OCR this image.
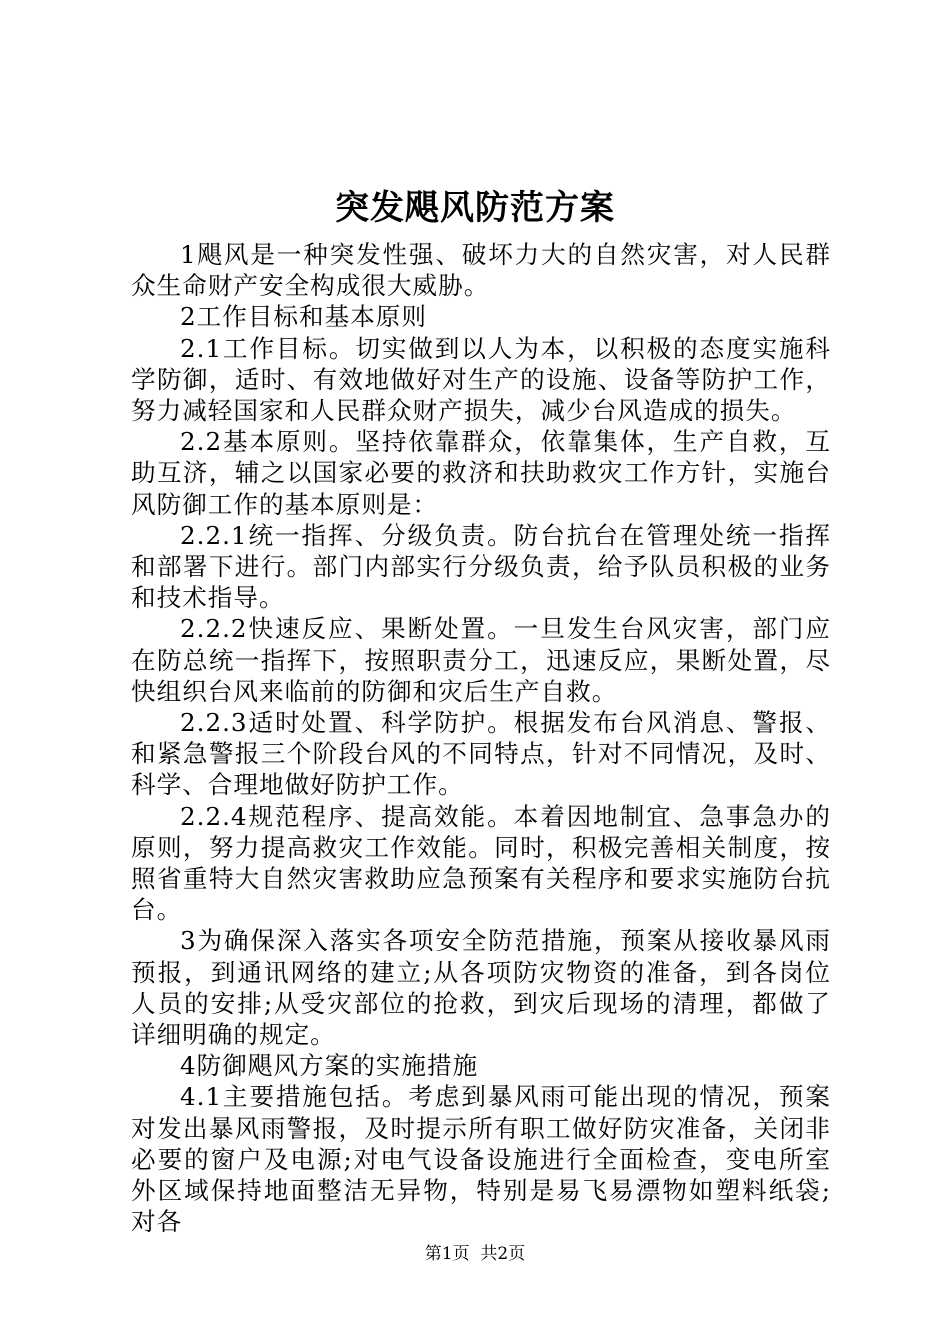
突发飓风防范方案

1飓风是一种突发性强、破坏力大的自然灾害，对人民群众生命财产安全构成很大威胁。

2工作目标和基本原则

2.1工作目标。切实做到以人为本，以积极的态度实施科学防御，适时、有效地做好对生产的设施、设备等防护工作，努力减轻国家和人民群众财产损失，减少台风造成的损失。

2.2基本原则。坚持依靠群众，依靠集体，生产自救，互助互济，辅之以国家必要的救济和扶助救灾工作方针，实施台风防御工作的基本原则是：

2.2.1统一指挥、分级负责。防台抗台在管理处统一指挥和部署下进行。部门内部实行分级负责，给予队员积极的业务和技术指导。

2.2.2快速反应、果断处置。一旦发生台风灾害，部门应在防总统一指挥下，按照职责分工，迅速反应，果断处置，尽快组织台风来临前的防御和灾后生产自救。

2.2.3适时处置、科学防护。根据发布台风消息、警报、和紧急警报三个阶段台风的不同特点，针对不同情况，及时、科学、合理地做好防护工作。

2.2.4规范程序、提高效能。本着因地制宜、急事急办的原则，努力提高救灾工作效能。同时，积极完善相关制度，按照省重特大自然灾害救助应急预案有关程序和要求实施防台抗台。

3为确保深入落实各项安全防范措施，预案从接收暴风雨预报，到通讯网络的建立;从各项防灾物资的准备，到各岗位人员的安排;从受灾部位的抢救，到灾后现场的清理，都做了详细明确的规定。

4防御飓风方案的实施措施

4.1主要措施包括。考虑到暴风雨可能出现的情况，预案对发出暴风雨警报，及时提示所有职工做好防灾准备，关闭非必要的窗户及电源;对电气设备设施进行全面检查，变电所室外区域保持地面整洁无异物，特别是易飞易漂物如塑料纸袋;对各

第1页  共2页
